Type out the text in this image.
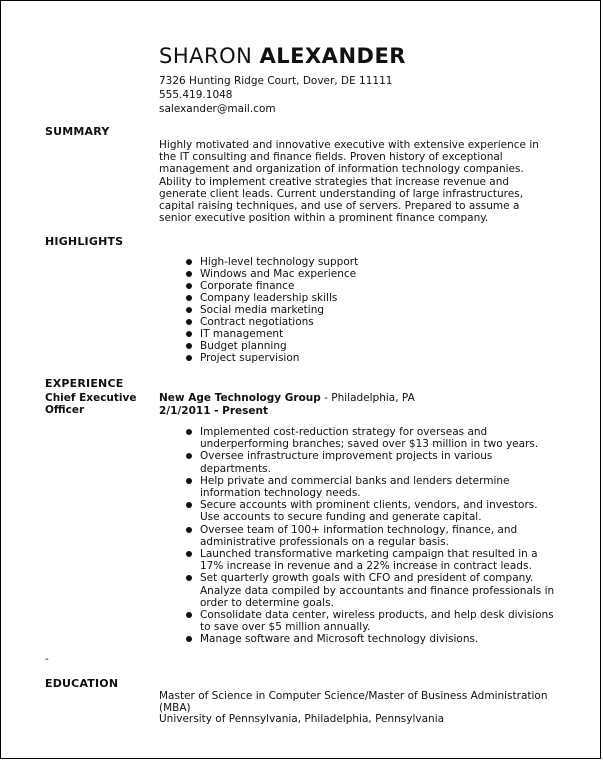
SHARON ALEXANDER
7326 Hunting Ridge Court, Dover, DE 11111
555.419.1048
salexander@mail.com
SUMMARY
Highly motivated and innovative executive with extensive experience in the IT consulting and finance fields. Proven history of exceptional management and organization of information technology companies. Ability to implement creative strategies that increase revenue and generate client leads. Current understanding of large infrastructures, capital raising techniques, and use of servers. Prepared to assume a senior executive position within a prominent finance company.
HIGHLIGHTS
High-level technology support
Windows and Mac experience
Corporate finance
Company leadership skills
Social media marketing
Contract negotiations
IT management
Budget planning
Project supervision
EXPERIENCE
Chief Executive Officer
New Age Technology Group - Philadelphia, PA
2/1/2011 - Present
Implemented cost-reduction strategy for overseas and underperforming branches; saved over $13 million in two years.
Oversee infrastructure improvement projects in various departments.
Help private and commercial banks and lenders determine information technology needs.
Secure accounts with prominent clients, vendors, and investors. Use accounts to secure funding and generate capital.
Oversee team of 100+ information technology, finance, and administrative professionals on a regular basis.
Launched transformative marketing campaign that resulted in a 17% increase in revenue and a 22% increase in contract leads.
Set quarterly growth goals with CFO and president of company. Analyze data compiled by accountants and finance professionals in order to determine goals.
Consolidate data center, wireless products, and help desk divisions to save over $5 million annually.
Manage software and Microsoft technology divisions.
-
EDUCATION
Master of Science in Computer Science/Master of Business Administration (MBA)
University of Pennsylvania, Philadelphia, Pennsylvania
